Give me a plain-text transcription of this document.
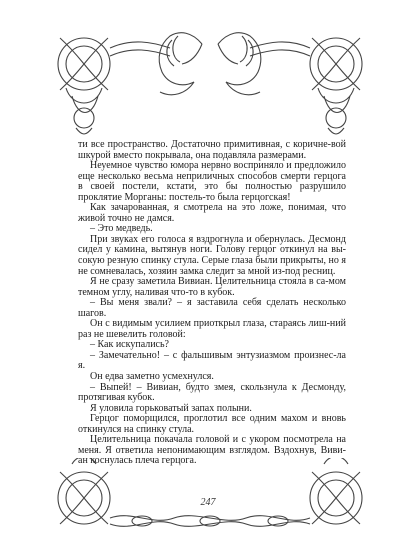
ти все пространство. Достаточно примитивная, с коричне-вой шкурой вместо покрывала, она подавляла размерами.

Неуемное чувство юмора нервно восприняло и предложило еще несколько весьма неприличных способов смерти герцога в своей постели, кстати, это бы полностью разрушило проклятие Морганы: постель-то была герцогская!

Как зачарованная, я смотрела на это ложе, понимая, что живой точно не дамся.

– Это медведь.

При звуках его голоса я вздрогнула и обернулась. Десмонд сидел у камина, вытянув ноги. Голову герцог откинул на вы-сокую резную спинку стула. Серые глаза были прикрыты, но я не сомневалась, хозяин замка следит за мной из-под ресниц.

Я не сразу заметила Вивиан. Целительница стояла в са-мом темном углу, наливая что-то в кубок.

– Вы меня звали? – я заставила себя сделать несколько шагов.

Он с видимым усилием приоткрыл глаза, стараясь лиш-ний раз не шевелить головой:

– Как искупались?

– Замечательно! – с фальшивым энтузиазмом произнес-ла я.

Он едва заметно усмехнулся.

– Выпей! – Вивиан, будто змея, скользнула к Десмонду, протягивая кубок.

Я уловила горьковатый запах полыни.

Герцог поморщился, проглотил все одним махом и вновь откинулся на спинку стула.

Целительница покачала головой и с укором посмотрела на меня. Я ответила непонимающим взглядом. Вздохнув, Виви-ан коснулась плеча герцога.

247
